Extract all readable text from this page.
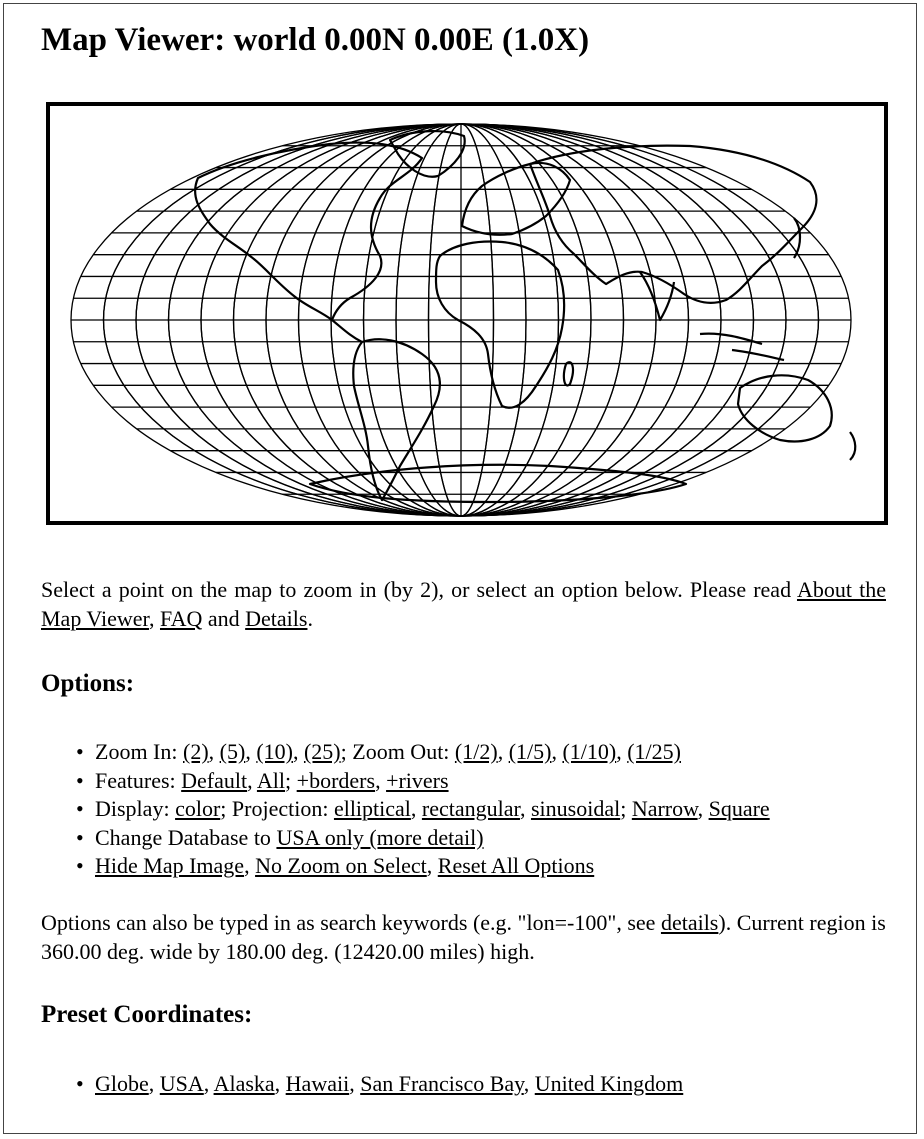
Map Viewer: world 0.00N 0.00E (1.0X)

Select a point on the map to zoom in (by 2), or select an option below. Please read About the Map Viewer, FAQ and Details.

Options:
• Zoom In: (2), (5), (10), (25); Zoom Out: (1/2), (1/5), (1/10), (1/25)
• Features: Default, All; +borders, +rivers
• Display: color; Projection: elliptical, rectangular, sinusoidal; Narrow, Square
• Change Database to USA only (more detail)
• Hide Map Image, No Zoom on Select, Reset All Options

Options can also be typed in as search keywords (e.g. "lon=-100", see details). Current region is 360.00 deg. wide by 180.00 deg. (12420.00 miles) high.

Preset Coordinates:
• Globe, USA, Alaska, Hawaii, San Francisco Bay, United Kingdom
